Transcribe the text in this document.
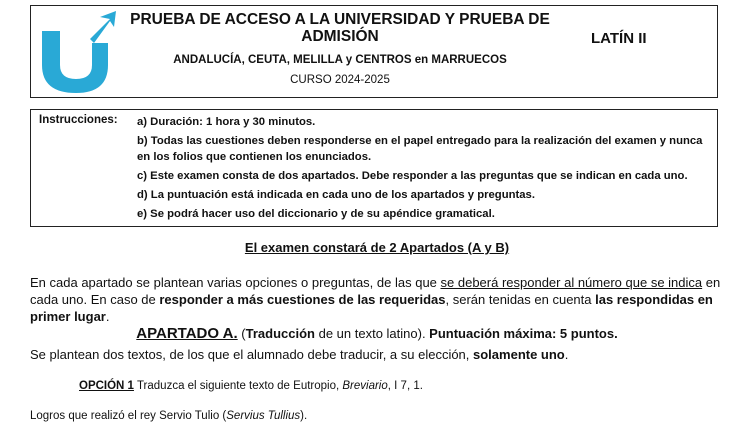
PRUEBA DE ACCESO A LA UNIVERSIDAD Y PRUEBA DE
ADMISIÓN
ANDALUCÍA, CEUTA, MELILLA y CENTROS en MARRUECOS
CURSO 2024-2025
LATÍN II
Instrucciones: a) Duración: 1 hora y 30 minutos.
b) Todas las cuestiones deben responderse en el papel entregado para la realización del examen y nunca en los folios que contienen los enunciados.
c) Este examen consta de dos apartados. Debe responder a las preguntas que se indican en cada uno.
d) La puntuación está indicada en cada uno de los apartados y preguntas.
e) Se podrá hacer uso del diccionario y de su apéndice gramatical.
El examen constará de 2 Apartados (A y B)

En cada apartado se plantean varias opciones o preguntas, de las que se deberá responder al número que se indica en cada uno. En caso de responder a más cuestiones de las requeridas, serán tenidas en cuenta las respondidas en primer lugar.

APARTADO A. (Traducción de un texto latino). Puntuación máxima: 5 puntos.
Se plantean dos textos, de los que el alumnado debe traducir, a su elección, solamente uno.
OPCIÓN 1 Traduzca el siguiente texto de Eutropio, Breviario, I 7, 1.
Logros que realizó el rey Servio Tulio (Servius Tullius).
